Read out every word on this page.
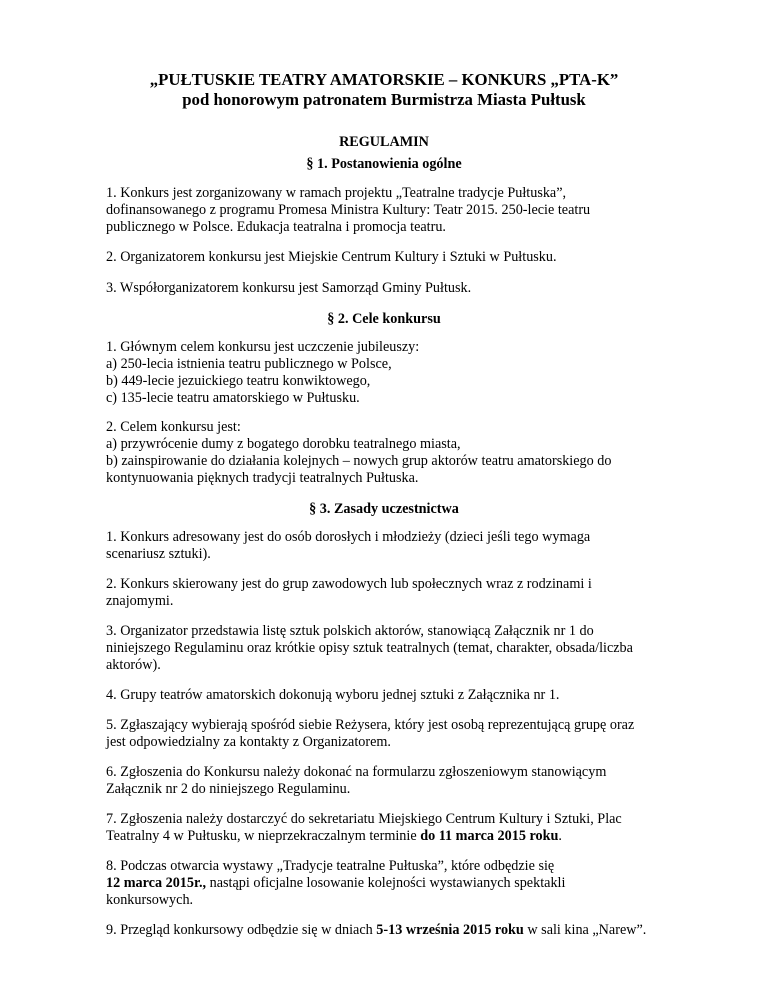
„PUŁTUSKIE TEATRY AMATORSKIE – KONKURS „PTA-K”
pod honorowym patronatem Burmistrza Miasta Pułtusk
REGULAMIN
§ 1. Postanowienia ogólne
1. Konkurs jest zorganizowany w ramach projektu „Teatralne tradycje Pułtuska”,
dofinansowanego z programu Promesa Ministra Kultury: Teatr 2015. 250-lecie teatru
publicznego w Polsce. Edukacja teatralna i promocja teatru.
2. Organizatorem konkursu jest Miejskie Centrum Kultury i Sztuki w Pułtusku.
3. Współorganizatorem konkursu jest Samorząd Gminy Pułtusk.
§ 2. Cele konkursu
1. Głównym celem konkursu jest uczczenie jubileuszy:
a) 250-lecia istnienia teatru publicznego w Polsce,
b) 449-lecie jezuickiego teatru konwiktowego,
c) 135-lecie teatru amatorskiego w Pułtusku.
2. Celem konkursu jest:
a) przywrócenie dumy z bogatego dorobku teatralnego miasta,
b) zainspirowanie do działania kolejnych – nowych grup aktorów teatru amatorskiego do
kontynuowania pięknych tradycji teatralnych Pułtuska.
§ 3. Zasady uczestnictwa
1. Konkurs adresowany jest do osób dorosłych i młodzieży (dzieci jeśli tego wymaga
scenariusz sztuki).
2. Konkurs skierowany jest do grup zawodowych lub społecznych wraz z rodzinami i
znajomymi.
3. Organizator przedstawia listę sztuk polskich aktorów, stanowiącą Załącznik nr 1 do
niniejszego Regulaminu oraz krótkie opisy sztuk teatralnych (temat, charakter, obsada/liczba
aktorów).
4. Grupy teatrów amatorskich dokonują wyboru jednej sztuki z Załącznika nr 1.
5. Zgłaszający wybierają spośród siebie Reżysera, który jest osobą reprezentującą grupę oraz
jest odpowiedzialny za kontakty z Organizatorem.
6. Zgłoszenia do Konkursu należy dokonać na formularzu zgłoszeniowym stanowiącym
Załącznik nr 2 do niniejszego Regulaminu.
7. Zgłoszenia należy dostarczyć do sekretariatu Miejskiego Centrum Kultury i Sztuki, Plac
Teatralny 4 w Pułtusku, w nieprzekraczalnym terminie do 11 marca 2015 roku.
8. Podczas otwarcia wystawy „Tradycje teatralne Pułtuska”, które odbędzie się
12 marca 2015r., nastąpi oficjalne losowanie kolejności wystawianych spektakli
konkursowych.
9. Przegląd konkursowy odbędzie się w dniach 5-13 września 2015 roku w sali kina „Narew”.
